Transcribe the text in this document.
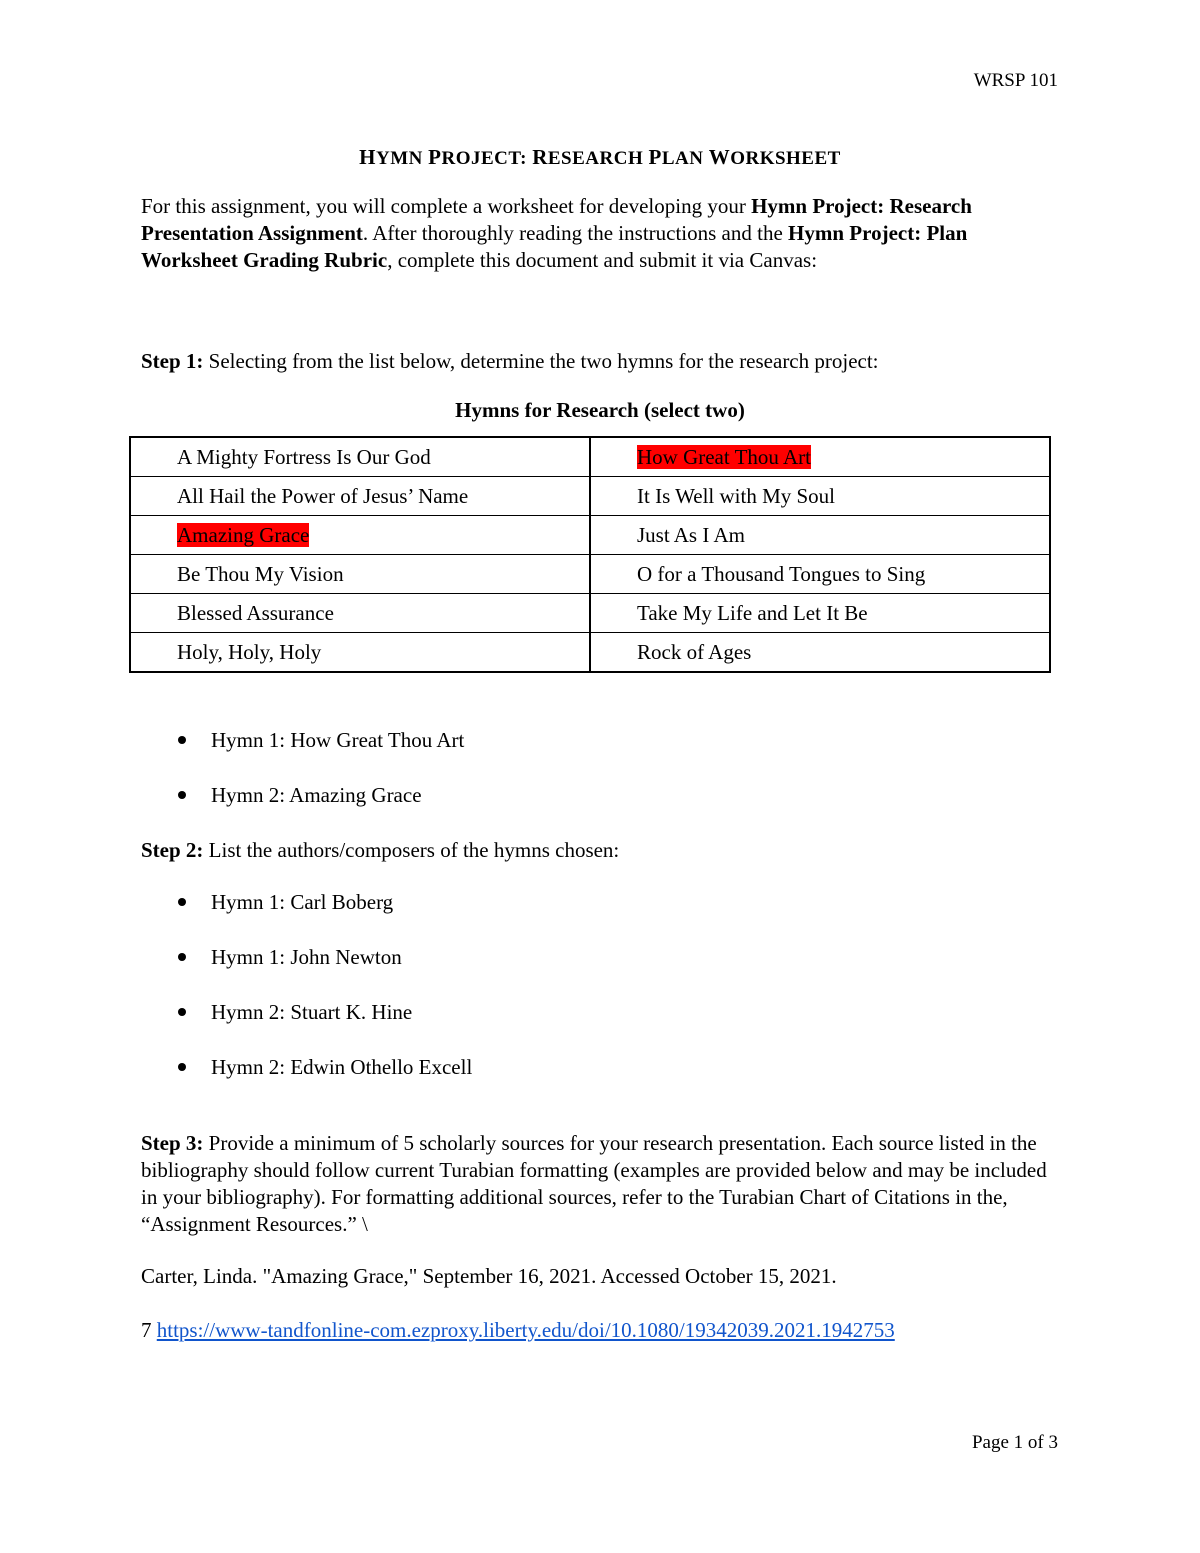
WRSP 101
HYMN PROJECT: RESEARCH PLAN WORKSHEET
For this assignment, you will complete a worksheet for developing your Hymn Project: Research Presentation Assignment. After thoroughly reading the instructions and the Hymn Project: Plan Worksheet Grading Rubric, complete this document and submit it via Canvas:
Step 1: Selecting from the list below, determine the two hymns for the research project:
Hymns for Research (select two)
A Mighty Fortress Is Our God	How Great Thou Art
All Hail the Power of Jesus’ Name	It Is Well with My Soul
Amazing Grace	Just As I Am
Be Thou My Vision	O for a Thousand Tongues to Sing
Blessed Assurance	Take My Life and Let It Be
Holy, Holy, Holy	Rock of Ages
Hymn 1: How Great Thou Art
Hymn 2: Amazing Grace
Step 2: List the authors/composers of the hymns chosen:
Hymn 1: Carl Boberg
Hymn 1: John Newton
Hymn 2: Stuart K. Hine
Hymn 2: Edwin Othello Excell
Step 3: Provide a minimum of 5 scholarly sources for your research presentation. Each source listed in the bibliography should follow current Turabian formatting (examples are provided below and may be included in your bibliography). For formatting additional sources, refer to the Turabian Chart of Citations in the, “Assignment Resources.” \
Carter, Linda. "Amazing Grace," September 16, 2021. Accessed October 15, 2021.
7 https://www-tandfonline-com.ezproxy.liberty.edu/doi/10.1080/19342039.2021.1942753
Page 1 of 3
